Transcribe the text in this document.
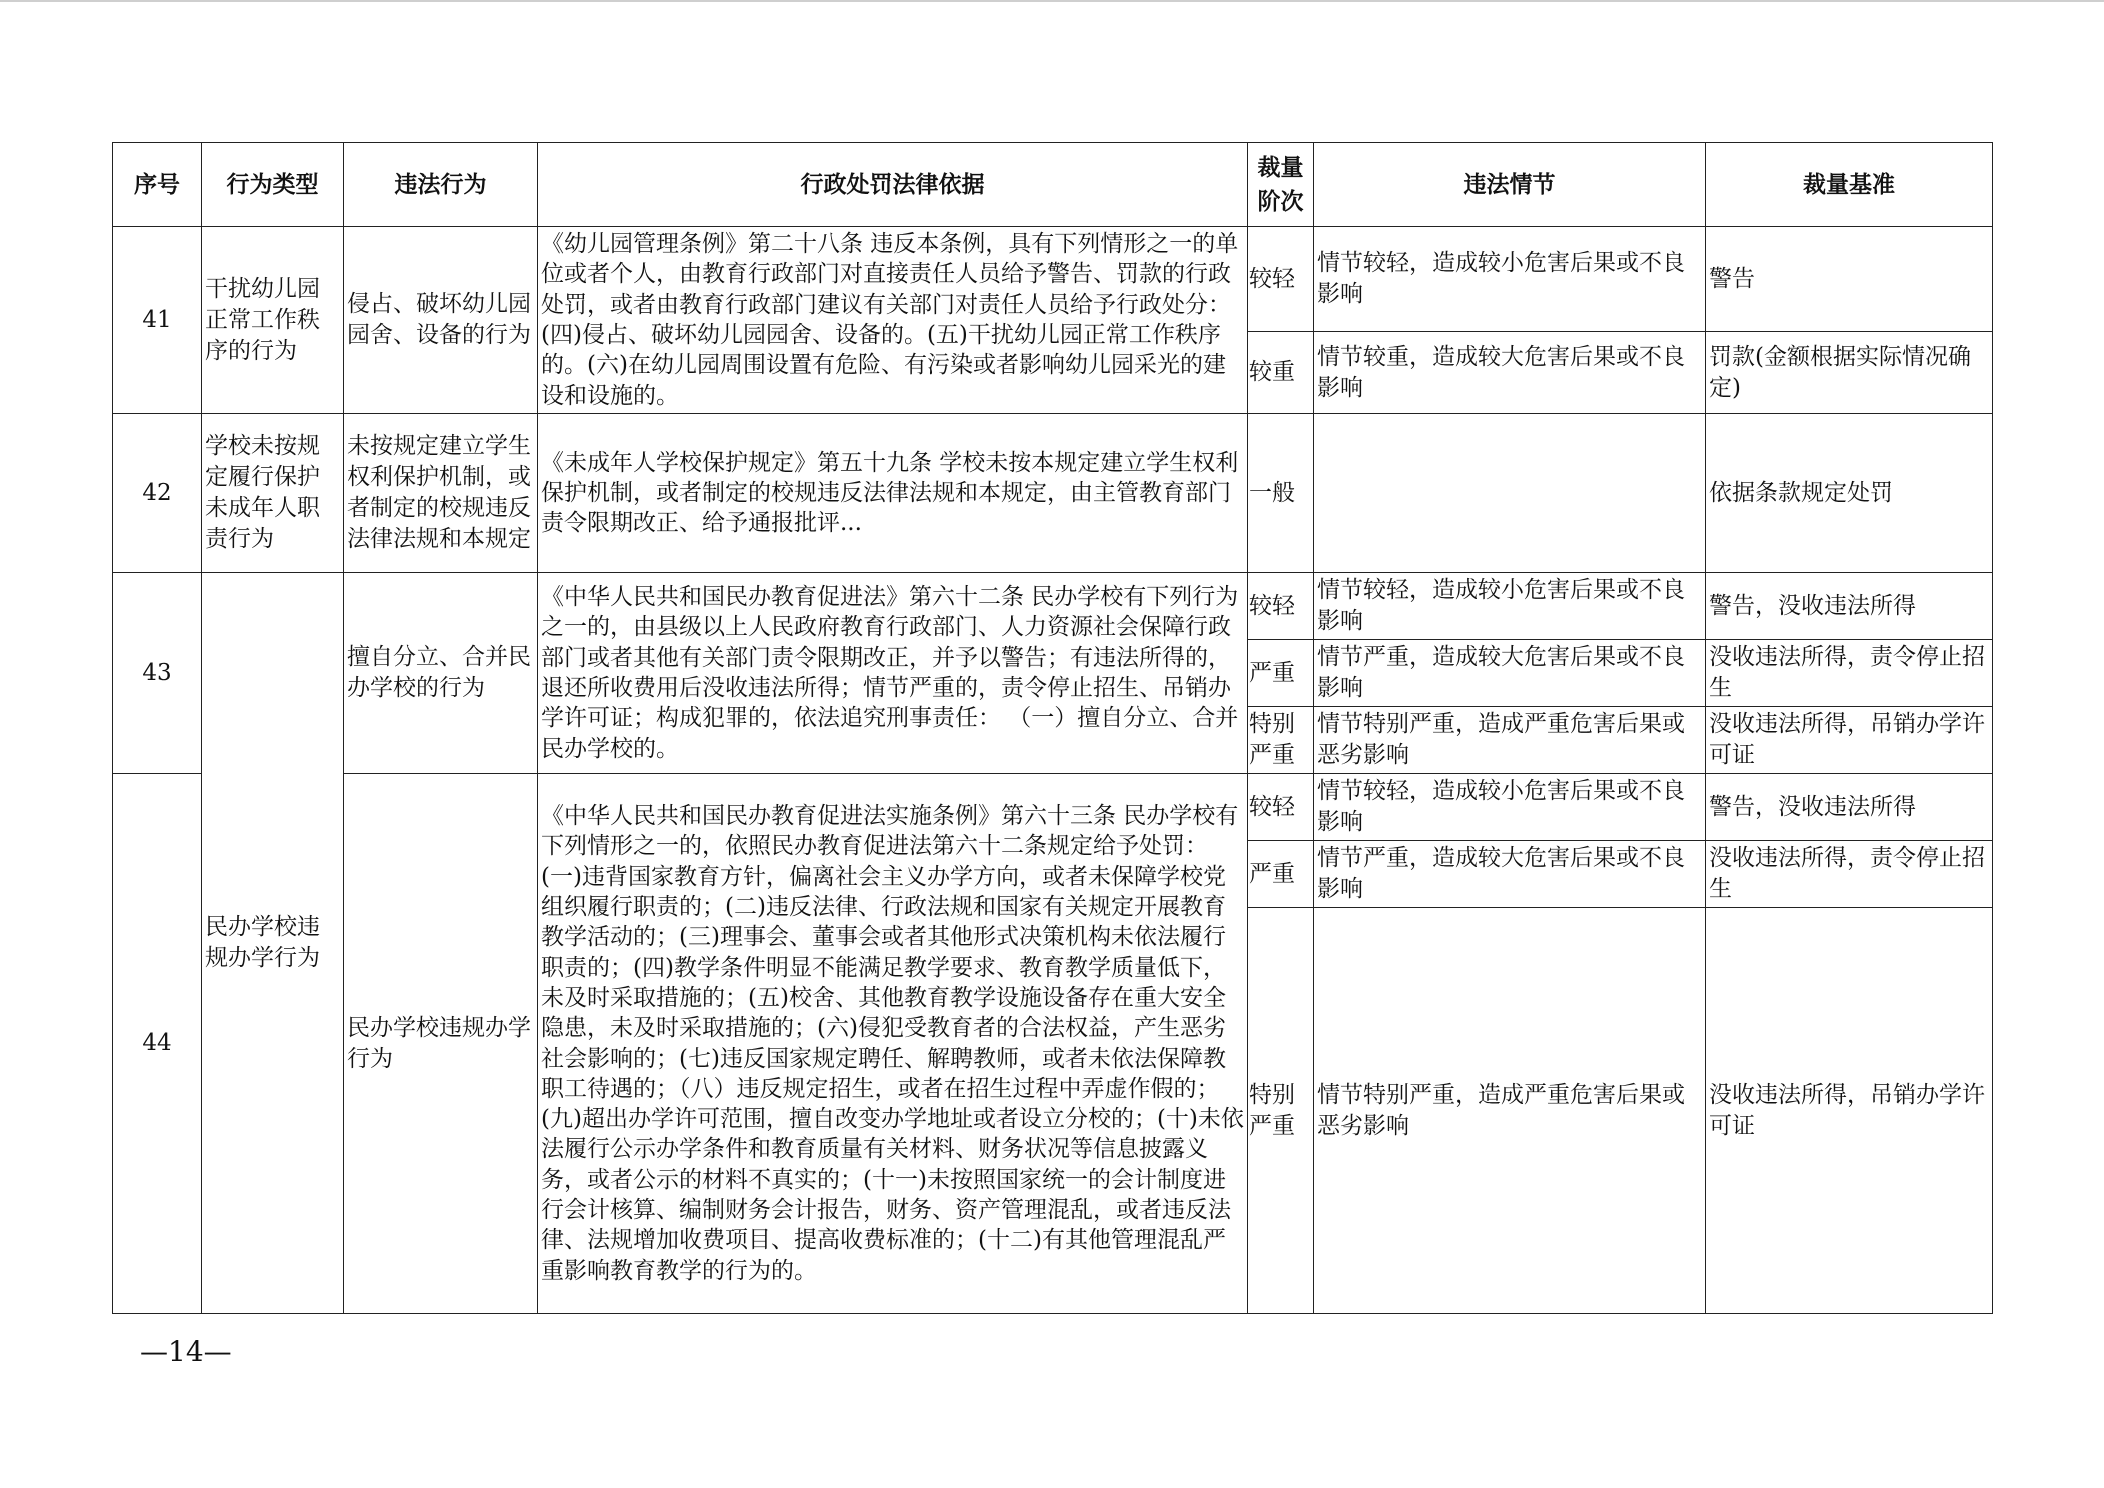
序号	行为类型	违法行为	行政处罚法律依据	裁量阶次	违法情节	裁量基准
41	干扰幼儿园正常工作秩序的行为	侵占、破坏幼儿园园舍、设备的行为	《幼儿园管理条例》第二十八条 违反本条例，具有下列情形之一的单位或者个人，由教育行政部门对直接责任人员给予警告、罚款的行政处罚，或者由教育行政部门建议有关部门对责任人员给予行政处分：(四)侵占、破坏幼儿园园舍、设备的。(五)干扰幼儿园正常工作秩序的。(六)在幼儿园周围设置有危险、有污染或者影响幼儿园采光的建设和设施的。	较轻	情节较轻，造成较小危害后果或不良影响	警告
				较重	情节较重，造成较大危害后果或不良影响	罚款(金额根据实际情况确定)
42	学校未按规定履行保护未成年人职责行为	未按规定建立学生权利保护机制，或者制定的校规违反法律法规和本规定	《未成年人学校保护规定》第五十九条 学校未按本规定建立学生权利保护机制，或者制定的校规违反法律法规和本规定，由主管教育部门责令限期改正、给予通报批评...	一般		依据条款规定处罚
43	民办学校违规办学行为	擅自分立、合并民办学校的行为	《中华人民共和国民办教育促进法》第六十二条 民办学校有下列行为之一的，由县级以上人民政府教育行政部门、人力资源社会保障行政部门或者其他有关部门责令限期改正，并予以警告；有违法所得的，退还所收费用后没收违法所得；情节严重的，责令停止招生、吊销办学许可证；构成犯罪的，依法追究刑事责任： （一）擅自分立、合并民办学校的。	较轻	情节较轻，造成较小危害后果或不良影响	警告，没收违法所得
				严重	情节严重，造成较大危害后果或不良影响	没收违法所得，责令停止招生
				特别严重	情节特别严重，造成严重危害后果或恶劣影响	没收违法所得，吊销办学许可证
44		民办学校违规办学行为	《中华人民共和国民办教育促进法实施条例》第六十三条 民办学校有下列情形之一的，依照民办教育促进法第六十二条规定给予处罚：(一)违背国家教育方针，偏离社会主义办学方向，或者未保障学校党组织履行职责的；(二)违反法律、行政法规和国家有关规定开展教育教学活动的；(三)理事会、董事会或者其他形式决策机构未依法履行职责的；(四)教学条件明显不能满足教学要求、教育教学质量低下，未及时采取措施的；(五)校舍、其他教育教学设施设备存在重大安全隐患，未及时采取措施的；(六)侵犯受教育者的合法权益，产生恶劣社会影响的；(七)违反国家规定聘任、解聘教师，或者未依法保障教职工待遇的；（八）违反规定招生，或者在招生过程中弄虚作假的；(九)超出办学许可范围，擅自改变办学地址或者设立分校的；(十)未依法履行公示办学条件和教育质量有关材料、财务状况等信息披露义务，或者公示的材料不真实的；(十一)未按照国家统一的会计制度进行会计核算、编制财务会计报告，财务、资产管理混乱，或者违反法律、法规增加收费项目、提高收费标准的；(十二)有其他管理混乱严重影响教育教学的行为的。	较轻	情节较轻，造成较小危害后果或不良影响	警告，没收违法所得
				严重	情节严重，造成较大危害后果或不良影响	没收违法所得，责令停止招生
				特别严重	情节特别严重，造成严重危害后果或恶劣影响	没收违法所得，吊销办学许可证
—14—
